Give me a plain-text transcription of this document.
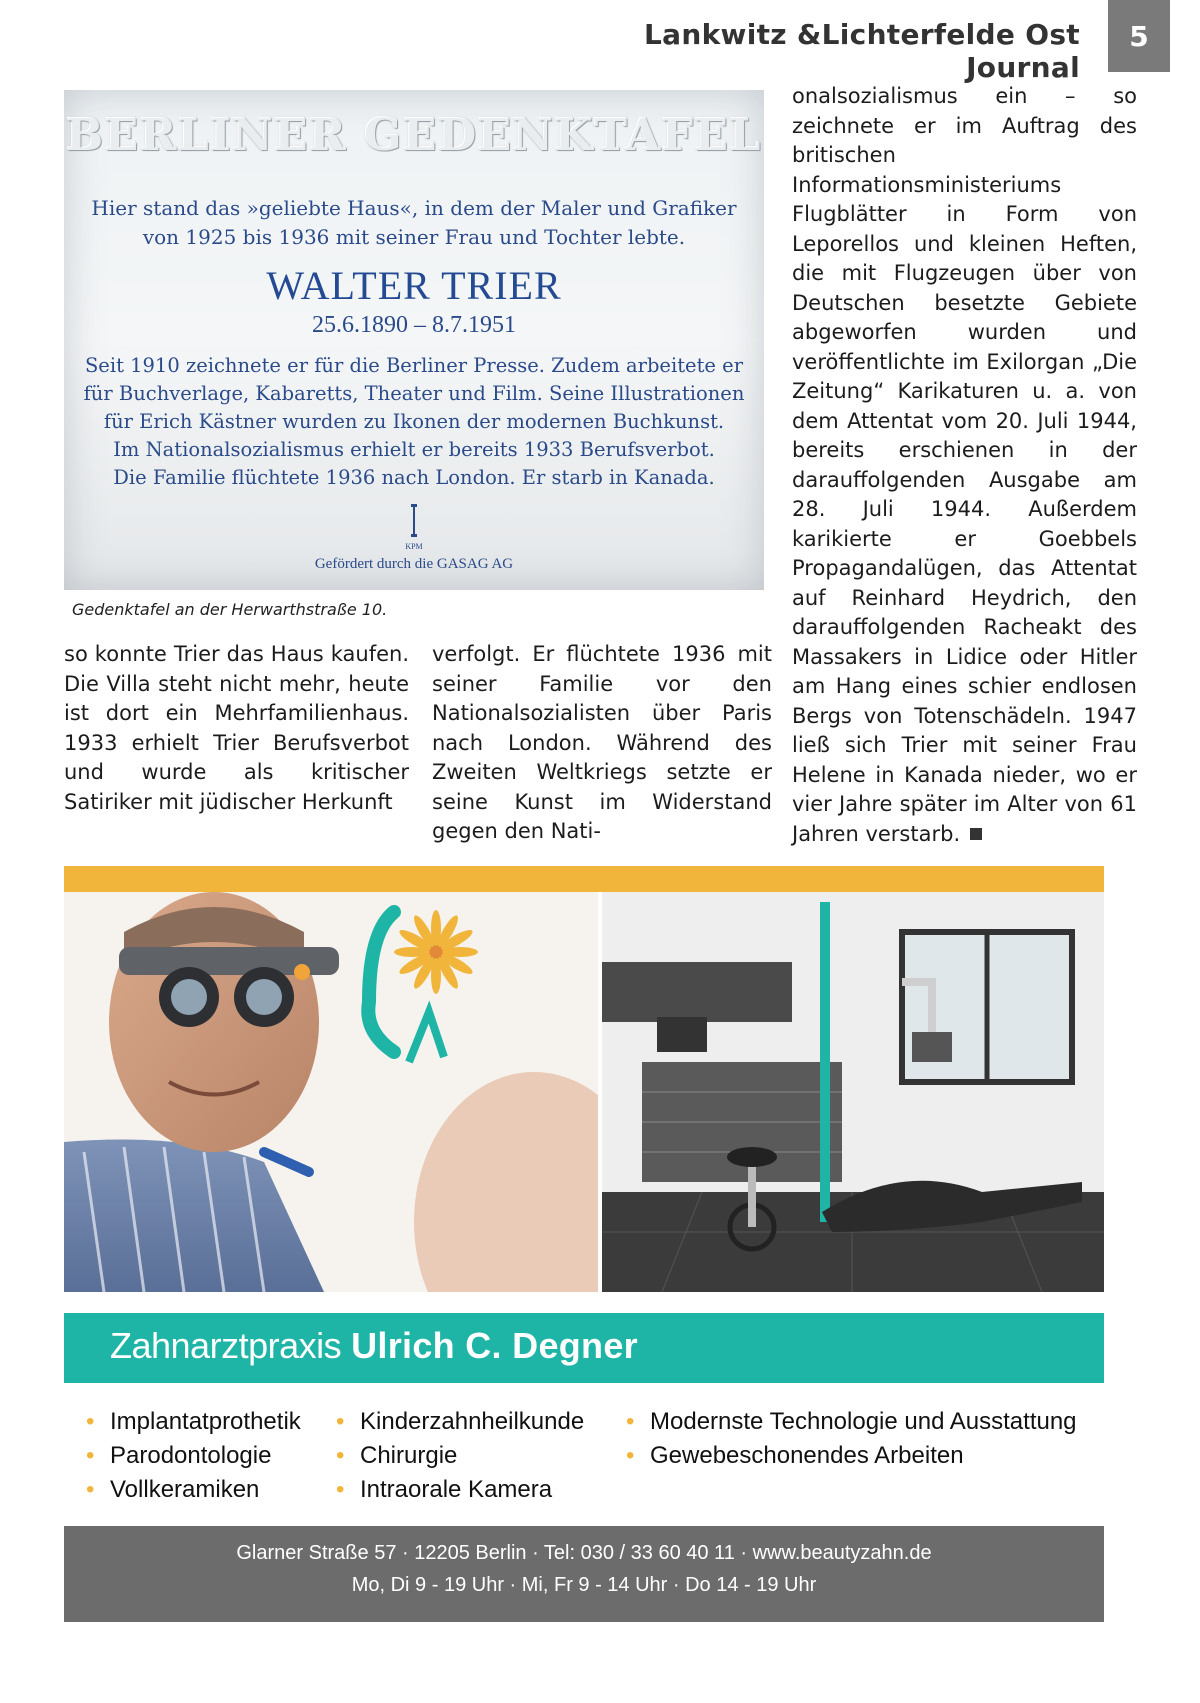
Lankwitz &Lichterfelde Ost Journal
5
BERLINER GEDENKTAFEL
Hier stand das »geliebte Haus«, in dem der Maler und Grafiker
von 1925 bis 1936 mit seiner Frau und Tochter lebte.
WALTER TRIER
25.6.1890 – 8.7.1951
Seit 1910 zeichnete er für die Berliner Presse. Zudem arbeitete er
für Buchverlage, Kabaretts, Theater und Film. Seine Illustrationen
für Erich Kästner wurden zu Ikonen der modernen Buchkunst.
Im Nationalsozialismus erhielt er bereits 1933 Berufsverbot.
Die Familie flüchtete 1936 nach London. Er starb in Kanada.
KPM
Gefördert durch die GASAG AG
Gedenktafel an der Herwarthstraße 10.
so konnte Trier das Haus kaufen. Die Villa steht nicht mehr, heute ist dort ein Mehrfamilienhaus. 1933 erhielt Trier Berufsverbot und wurde als kritischer Satiriker mit jüdischer Herkunft
verfolgt. Er flüchtete 1936 mit seiner Familie vor den Nationalsozialisten über Paris nach London. Während des Zweiten Weltkriegs setzte er seine Kunst im Widerstand gegen den Nati-
onalsozialismus ein – so zeichnete er im Auftrag des britischen Informationsministeriums Flugblätter in Form von Leporellos und kleinen Heften, die mit Flugzeugen über von Deutschen besetzte Gebiete abgeworfen wurden und veröffentlichte im Exilorgan „Die Zeitung“ Karikaturen u. a. von dem Attentat vom 20. Juli 1944, bereits erschienen in der darauffolgenden Ausgabe am 28. Juli 1944. Außerdem karikierte er Goebbels Propagandalügen, das Attentat auf Reinhard Heydrich, den darauffolgenden Racheakt des Massakers in Lidice oder Hitler am Hang eines schier endlosen Bergs von Totenschädeln. 1947 ließ sich Trier mit seiner Frau Helene in Kanada nieder, wo er vier Jahre später im Alter von 61 Jahren verstarb.
Zahnarztpraxis Ulrich C. Degner
• Implantatprothetik
• Parodontologie
• Vollkeramiken
• Kinderzahnheilkunde
• Chirurgie
• Intraorale Kamera
• Modernste Technologie und Ausstattung
• Gewebeschonendes Arbeiten
Glarner Straße 57 · 12205 Berlin · Tel: 030 / 33 60 40 11 · www.beautyzahn.de
Mo, Di 9 - 19 Uhr · Mi, Fr 9 - 14 Uhr · Do 14 - 19 Uhr
